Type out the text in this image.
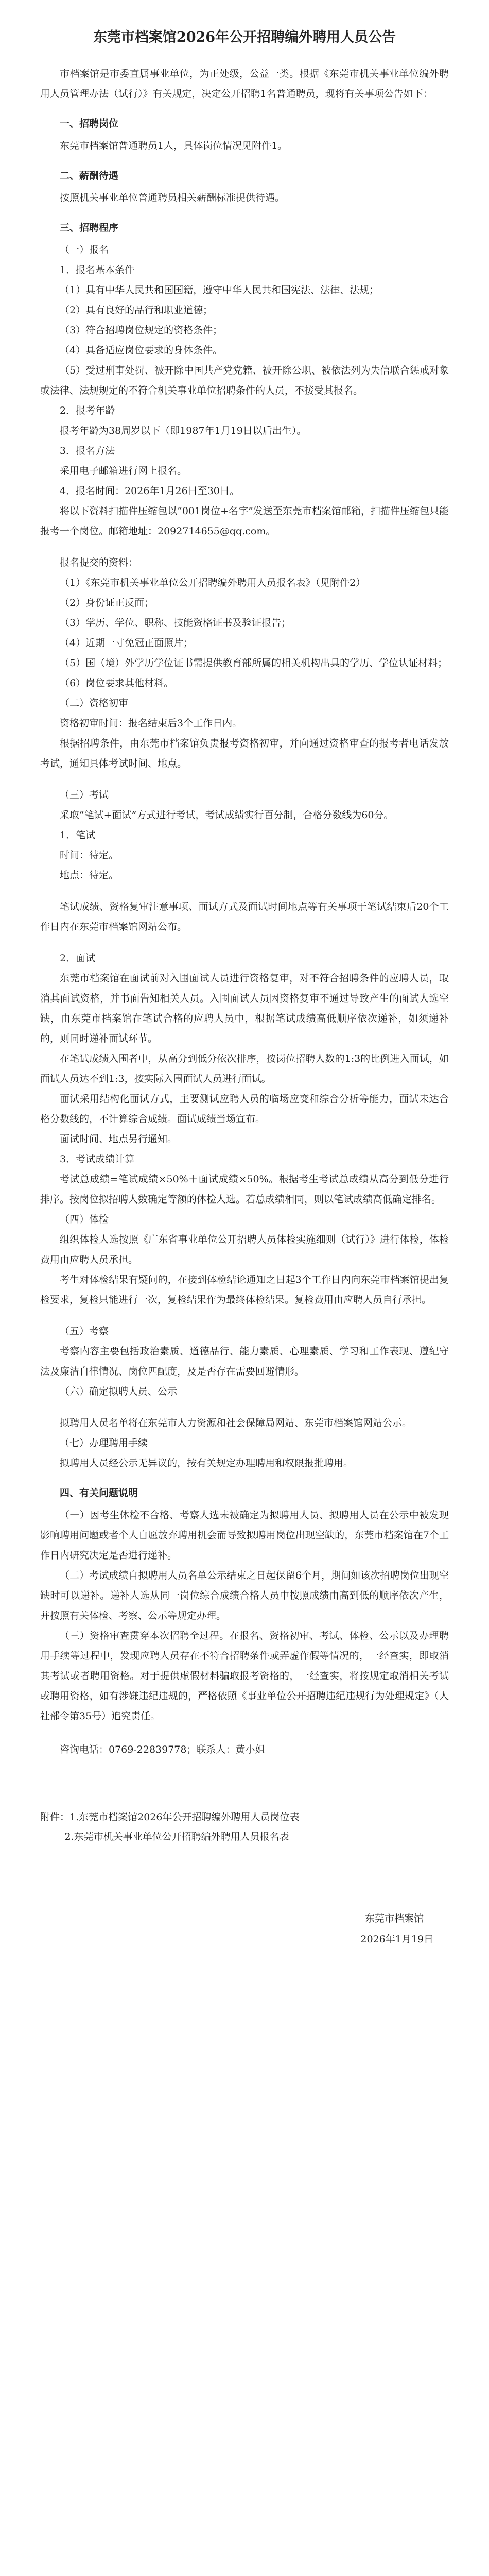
东莞市档案馆2026年公开招聘编外聘用人员公告

市档案馆是市委直属事业单位，为正处级，公益一类。根据《东莞市机关事业单位编外聘用人员管理办法（试行）》有关规定，决定公开招聘1名普通聘员，现将有关事项公告如下：

一、招聘岗位

东莞市档案馆普通聘员1人，具体岗位情况见附件1。

二、薪酬待遇

按照机关事业单位普通聘员相关薪酬标准提供待遇。

三、招聘程序

（一）报名

1．报名基本条件

（1）具有中华人民共和国国籍，遵守中华人民共和国宪法、法律、法规；

（2）具有良好的品行和职业道德；

（3）符合招聘岗位规定的资格条件；

（4）具备适应岗位要求的身体条件。

（5）受过刑事处罚、被开除中国共产党党籍、被开除公职、被依法列为失信联合惩戒对象或法律、法规规定的不符合机关事业单位招聘条件的人员，不接受其报名。

2．报考年龄

报考年龄为38周岁以下（即1987年1月19日以后出生）。

3．报名方法

采用电子邮箱进行网上报名。

4．报名时间：2026年1月26日至30日。

将以下资料扫描件压缩包以“001岗位+名字”发送至东莞市档案馆邮箱，扫描件压缩包只能报考一个岗位。邮箱地址：2092714655@qq.com。

报名提交的资料：

（1）《东莞市机关事业单位公开招聘编外聘用人员报名表》（见附件2）

（2）身份证正反面；

（3）学历、学位、职称、技能资格证书及验证报告；

（4）近期一寸免冠正面照片；

（5）国（境）外学历学位证书需提供教育部所属的相关机构出具的学历、学位认证材料；

（6）岗位要求其他材料。

（二）资格初审

资格初审时间：报名结束后3个工作日内。

根据招聘条件，由东莞市档案馆负责报考资格初审，并向通过资格审查的报考者电话发放考试，通知具体考试时间、地点。

（三）考试

采取“笔试+面试”方式进行考试，考试成绩实行百分制，合格分数线为60分。

1．笔试

时间：待定。

地点：待定。

笔试成绩、资格复审注意事项、面试方式及面试时间地点等有关事项于笔试结束后20个工作日内在东莞市档案馆网站公布。

2．面试

东莞市档案馆在面试前对入围面试人员进行资格复审，对不符合招聘条件的应聘人员，取消其面试资格，并书面告知相关人员。入围面试人员因资格复审不通过导致产生的面试人选空缺，由东莞市档案馆在笔试合格的应聘人员中，根据笔试成绩高低顺序依次递补，如须递补的，则同时递补面试环节。

在笔试成绩入围者中，从高分到低分依次排序，按岗位招聘人数的1:3的比例进入面试，如面试人员达不到1:3，按实际入围面试人员进行面试。

面试采用结构化面试方式，主要测试应聘人员的临场应变和综合分析等能力，面试未达合格分数线的，不计算综合成绩。面试成绩当场宣布。

面试时间、地点另行通知。

3．考试成绩计算

考试总成绩=笔试成绩×50%＋面试成绩×50%。根据考生考试总成绩从高分到低分进行排序。按岗位拟招聘人数确定等额的体检人选。若总成绩相同，则以笔试成绩高低确定排名。

（四）体检

组织体检人选按照《广东省事业单位公开招聘人员体检实施细则（试行）》进行体检，体检费用由应聘人员承担。

考生对体检结果有疑问的，在接到体检结论通知之日起3个工作日内向东莞市档案馆提出复检要求，复检只能进行一次，复检结果作为最终体检结果。复检费用由应聘人员自行承担。

（五）考察

考察内容主要包括政治素质、道德品行、能力素质、心理素质、学习和工作表现、遵纪守法及廉洁自律情况、岗位匹配度，及是否存在需要回避情形。

（六）确定拟聘人员、公示

拟聘用人员名单将在东莞市人力资源和社会保障局网站、东莞市档案馆网站公示。

（七）办理聘用手续

拟聘用人员经公示无异议的，按有关规定办理聘用和权限报批聘用。

四、有关问题说明

（一）因考生体检不合格、考察人选未被确定为拟聘用人员、拟聘用人员在公示中被发现影响聘用问题或者个人自愿放弃聘用机会而导致拟聘用岗位出现空缺的，东莞市档案馆在7个工作日内研究决定是否进行递补。

（二）考试成绩自拟聘用人员名单公示结束之日起保留6个月，期间如该次招聘岗位出现空缺时可以递补。递补人选从同一岗位综合成绩合格人员中按照成绩由高到低的顺序依次产生，并按照有关体检、考察、公示等规定办理。

（三）资格审查贯穿本次招聘全过程。在报名、资格初审、考试、体检、公示以及办理聘用手续等过程中，发现应聘人员存在不符合招聘条件或弄虚作假等情况的，一经查实，即取消其考试或者聘用资格。对于提供虚假材料骗取报考资格的，一经查实，将按规定取消相关考试或聘用资格，如有涉嫌违纪违规的，严格依照《事业单位公开招聘违纪违规行为处理规定》（人社部令第35号）追究责任。

咨询电话：0769-22839778；联系人：黄小姐

附件：1.东莞市档案馆2026年公开招聘编外聘用人员岗位表

2.东莞市机关事业单位公开招聘编外聘用人员报名表

东莞市档案馆

2026年1月19日
